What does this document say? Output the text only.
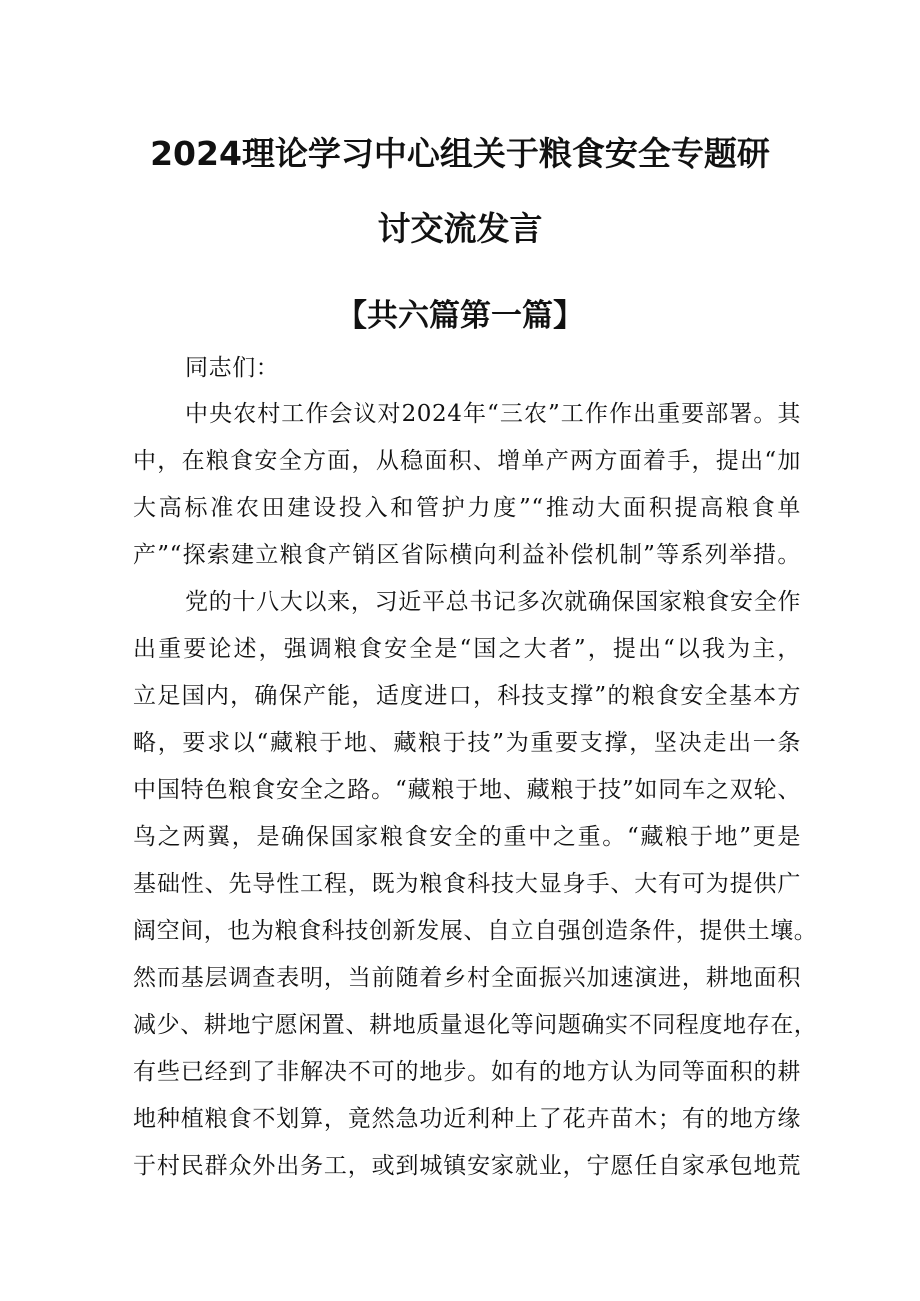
2024理论学习中心组关于粮食安全专题研
讨交流发言
【共六篇第一篇】
同志们：
中央农村工作会议对2024年“三农”工作作出重要部署。其
中，在粮食安全方面，从稳面积、增单产两方面着手，提出“加
大高标准农田建设投入和管护力度”“推动大面积提高粮食单
产”“探索建立粮食产销区省际横向利益补偿机制”等系列举措。
党的十八大以来，习近平总书记多次就确保国家粮食安全作
出重要论述，强调粮食安全是“国之大者”，提出“以我为主，
立足国内，确保产能，适度进口，科技支撑”的粮食安全基本方
略，要求以“藏粮于地、藏粮于技”为重要支撑，坚决走出一条
中国特色粮食安全之路。“藏粮于地、藏粮于技”如同车之双轮、
鸟之两翼，是确保国家粮食安全的重中之重。“藏粮于地”更是
基础性、先导性工程，既为粮食科技大显身手、大有可为提供广
阔空间，也为粮食科技创新发展、自立自强创造条件，提供土壤。
然而基层调查表明，当前随着乡村全面振兴加速演进，耕地面积
减少、耕地宁愿闲置、耕地质量退化等问题确实不同程度地存在，
有些已经到了非解决不可的地步。如有的地方认为同等面积的耕
地种植粮食不划算，竟然急功近利种上了花卉苗木；有的地方缘
于村民群众外出务工，或到城镇安家就业，宁愿任自家承包地荒
